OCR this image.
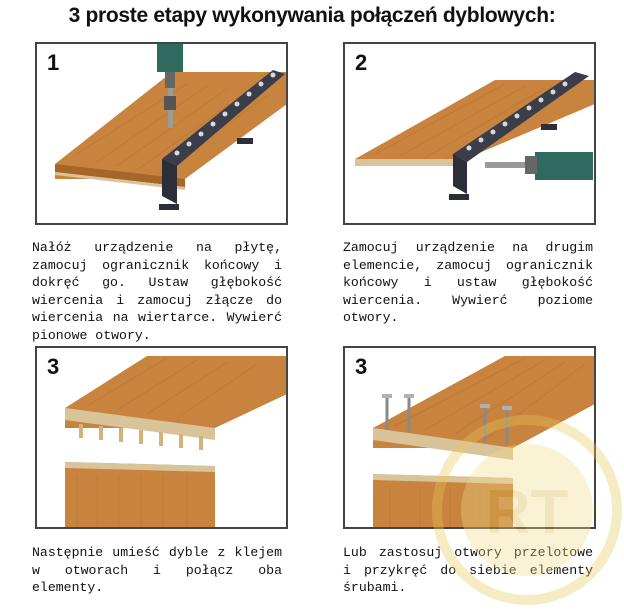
3 proste etapy wykonywania połączeń dyblowych:
1	2
3	3
Nałóż urządzenie na płytę, zamocuj ogranicznik końcowy i dokręć go. Ustaw głębokość wiercenia i zamocuj złącze do wiercenia na wiertarce. Wywierć pionowe otwory.
Zamocuj urządzenie na drugim elemencie, zamocuj ogranicznik końcowy i ustaw głębokość wiercenia. Wywierć poziome otwory.
Następnie umieść dyble z klejem w otworach i połącz oba elementy.
Lub zastosuj otwory przelotowe i przykręć do siebie elementy śrubami.
RT
